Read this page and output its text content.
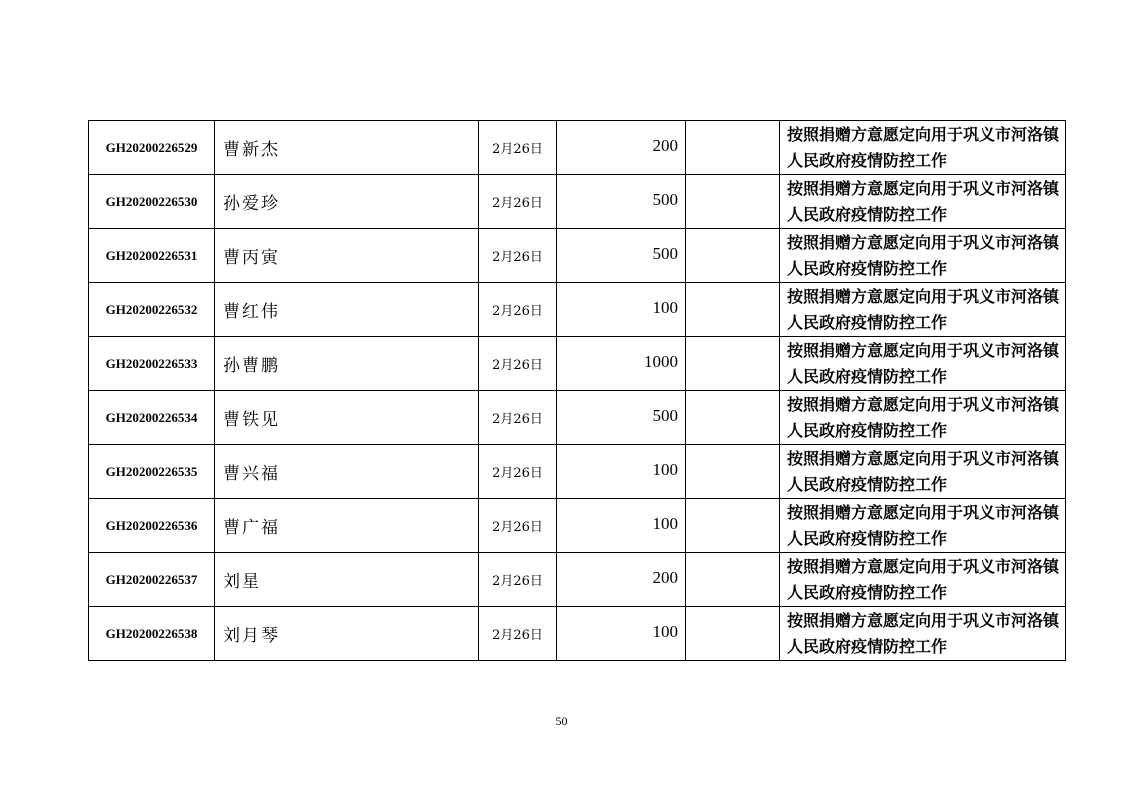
GH20200226529	曹新杰	2月26日	200		按照捐赠方意愿定向用于巩义市河洛镇人民政府疫情防控工作
GH20200226530	孙爱珍	2月26日	500		按照捐赠方意愿定向用于巩义市河洛镇人民政府疫情防控工作
GH20200226531	曹丙寅	2月26日	500		按照捐赠方意愿定向用于巩义市河洛镇人民政府疫情防控工作
GH20200226532	曹红伟	2月26日	100		按照捐赠方意愿定向用于巩义市河洛镇人民政府疫情防控工作
GH20200226533	孙曹鹏	2月26日	1000		按照捐赠方意愿定向用于巩义市河洛镇人民政府疫情防控工作
GH20200226534	曹铁见	2月26日	500		按照捐赠方意愿定向用于巩义市河洛镇人民政府疫情防控工作
GH20200226535	曹兴福	2月26日	100		按照捐赠方意愿定向用于巩义市河洛镇人民政府疫情防控工作
GH20200226536	曹广福	2月26日	100		按照捐赠方意愿定向用于巩义市河洛镇人民政府疫情防控工作
GH20200226537	刘星	2月26日	200		按照捐赠方意愿定向用于巩义市河洛镇人民政府疫情防控工作
GH20200226538	刘月琴	2月26日	100		按照捐赠方意愿定向用于巩义市河洛镇人民政府疫情防控工作
50
